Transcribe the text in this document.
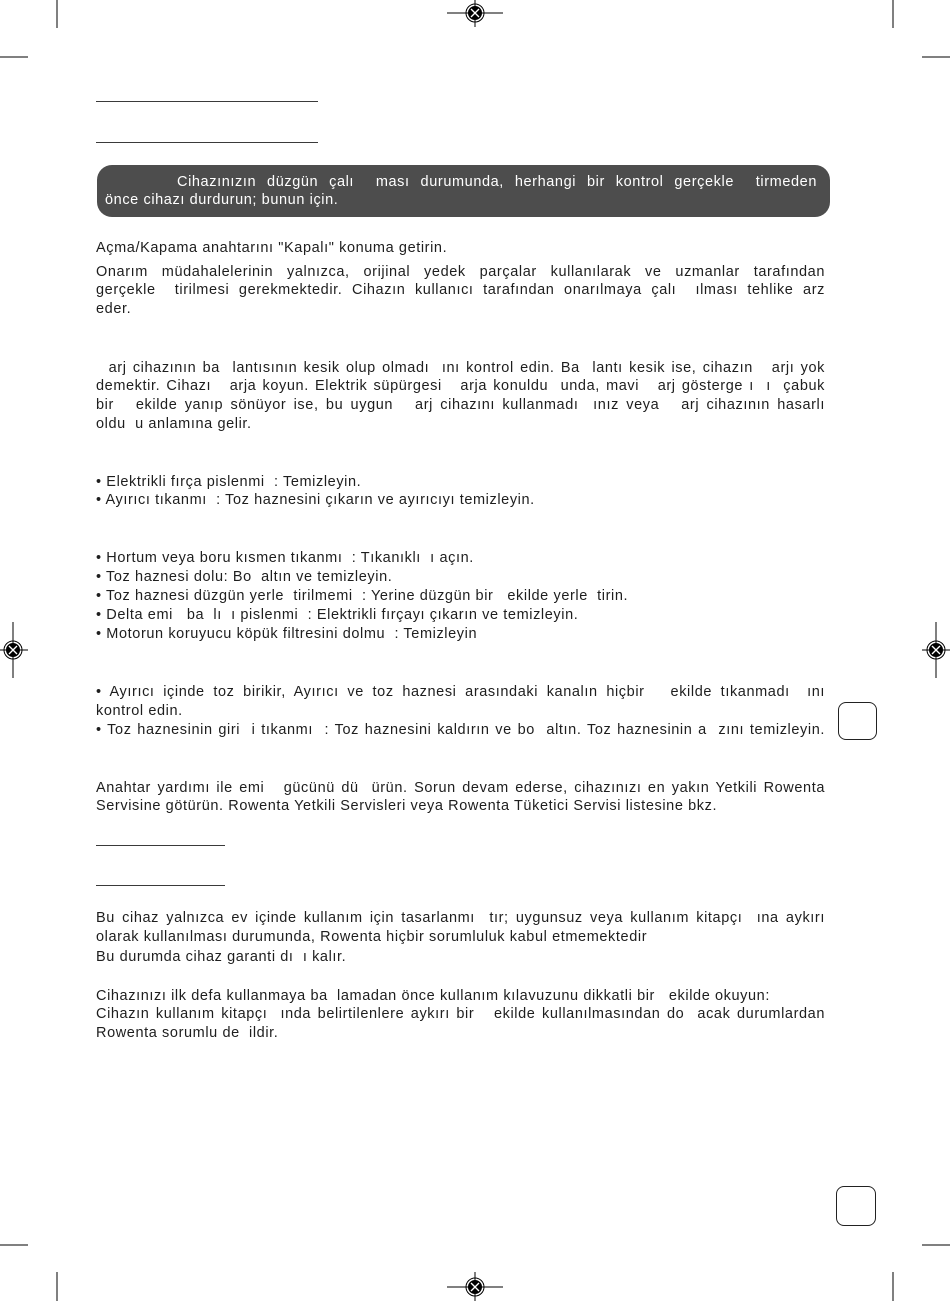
Cihazınızın düzgün çalı  ması durumunda, herhangi bir kontrol gerçekle  tirmeden
önce cihazı durdurun; bunun için.
Açma/Kapama anahtarını "Kapalı" konuma getirin.
Onarım müdahalelerinin yalnızca, orijinal yedek parçalar kullanılarak ve uzmanlar tarafından
gerçekle  tirilmesi gerekmektedir. Cihazın kullanıcı tarafından onarılmaya çalı  ılması tehlike arz
eder.
arj cihazının ba  lantısının kesik olup olmadı  ını kontrol edin. Ba  lantı kesik ise, cihazın   arjı yok
demektir. Cihazı   arja koyun. Elektrik süpürgesi   arja konuldu  unda, mavi   arj gösterge ı  ı  çabuk
bir   ekilde yanıp sönüyor ise, bu uygun   arj cihazını kullanmadı  ınız veya   arj cihazının hasarlı
oldu  u anlamına gelir.
• Elektrikli fırça pislenmi  : Temizleyin.
• Ayırıcı tıkanmı  : Toz haznesini çıkarın ve ayırıcıyı temizleyin.
• Hortum veya boru kısmen tıkanmı  : Tıkanıklı  ı açın.
• Toz haznesi dolu: Bo  altın ve temizleyin.
• Toz haznesi düzgün yerle  tirilmemi  : Yerine düzgün bir   ekilde yerle  tirin.
• Delta emi   ba  lı  ı pislenmi  : Elektrikli fırçayı çıkarın ve temizleyin.
• Motorun koruyucu köpük filtresini dolmu  : Temizleyin
• Ayırıcı içinde toz birikir, Ayırıcı ve toz haznesi arasındaki kanalın hiçbir   ekilde tıkanmadı  ını
kontrol edin.
• Toz haznesinin giri  i tıkanmı  : Toz haznesini kaldırın ve bo  altın. Toz haznesinin a  zını temizleyin.
Anahtar yardımı ile emi   gücünü dü  ürün. Sorun devam ederse, cihazınızı en yakın Yetkili Rowenta
Servisine götürün. Rowenta Yetkili Servisleri veya Rowenta Tüketici Servisi listesine bkz.
Bu cihaz yalnızca ev içinde kullanım için tasarlanmı  tır; uygunsuz veya kullanım kitapçı  ına aykırı
olarak kullanılması durumunda, Rowenta hiçbir sorumluluk kabul etmemektedir
Bu durumda cihaz garanti dı  ı kalır.
Cihazınızı ilk defa kullanmaya ba  lamadan önce kullanım kılavuzunu dikkatli bir   ekilde okuyun:
Cihazın kullanım kitapçı  ında belirtilenlere aykırı bir   ekilde kullanılmasından do  acak durumlardan
Rowenta sorumlu de  ildir.
